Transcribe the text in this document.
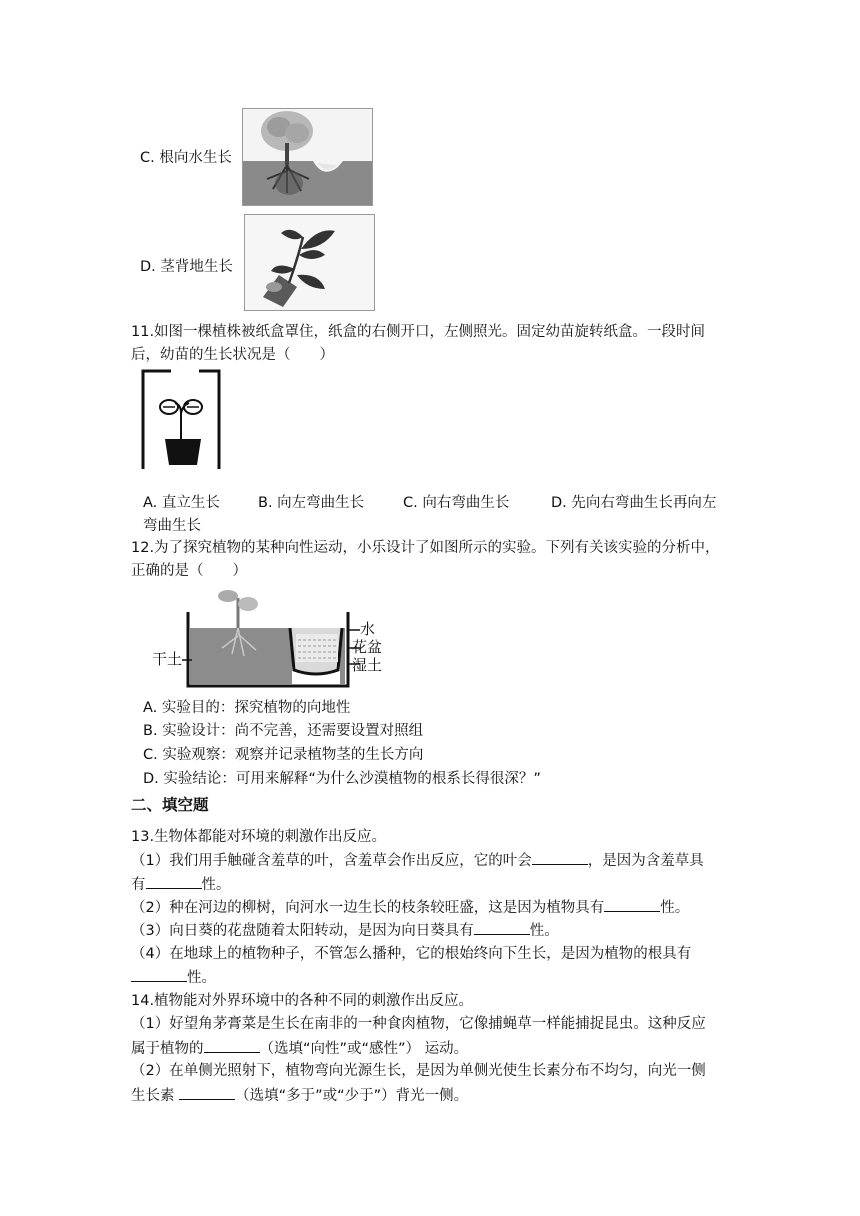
C. 根向水生长
D. 茎背地生长
11.如图一棵植株被纸盒罩住，纸盒的右侧开口，左侧照光。固定幼苗旋转纸盒。一段时间
后，幼苗的生长状况是（　　）
A. 直立生长	B. 向左弯曲生长	C. 向右弯曲生长	D. 先向右弯曲生长再向左
弯曲生长
12.为了探究植物的某种向性运动，小乐设计了如图所示的实验。下列有关该实验的分析中，
正确的是（　　）
干土
水
花盆
湿土
A. 实验目的：探究植物的向地性
B. 实验设计：尚不完善，还需要设置对照组
C. 实验观察：观察并记录植物茎的生长方向
D. 实验结论：可用来解释“为什么沙漠植物的根系长得很深？”
二、填空题
13.生物体都能对环境的刺激作出反应。
（1）我们用手触碰含羞草的叶，含羞草会作出反应，它的叶会	，是因为含羞草具
有	性。
（2）种在河边的柳树，向河水一边生长的枝条较旺盛，这是因为植物具有	性。
（3）向日葵的花盘随着太阳转动，是因为向日葵具有	性。
（4）在地球上的植物种子，不管怎么播种，它的根始终向下生长，是因为植物的根具有
性。
14.植物能对外界环境中的各种不同的刺激作出反应。
（1）好望角茅膏菜是生长在南非的一种食肉植物，它像捕蝇草一样能捕捉昆虫。这种反应
属于植物的	（选填“向性”或“感性”） 运动。
（2）在单侧光照射下，植物弯向光源生长，是因为单侧光使生长素分布不均匀，向光一侧
生长素	（选填“多于”或“少于”）背光一侧。
